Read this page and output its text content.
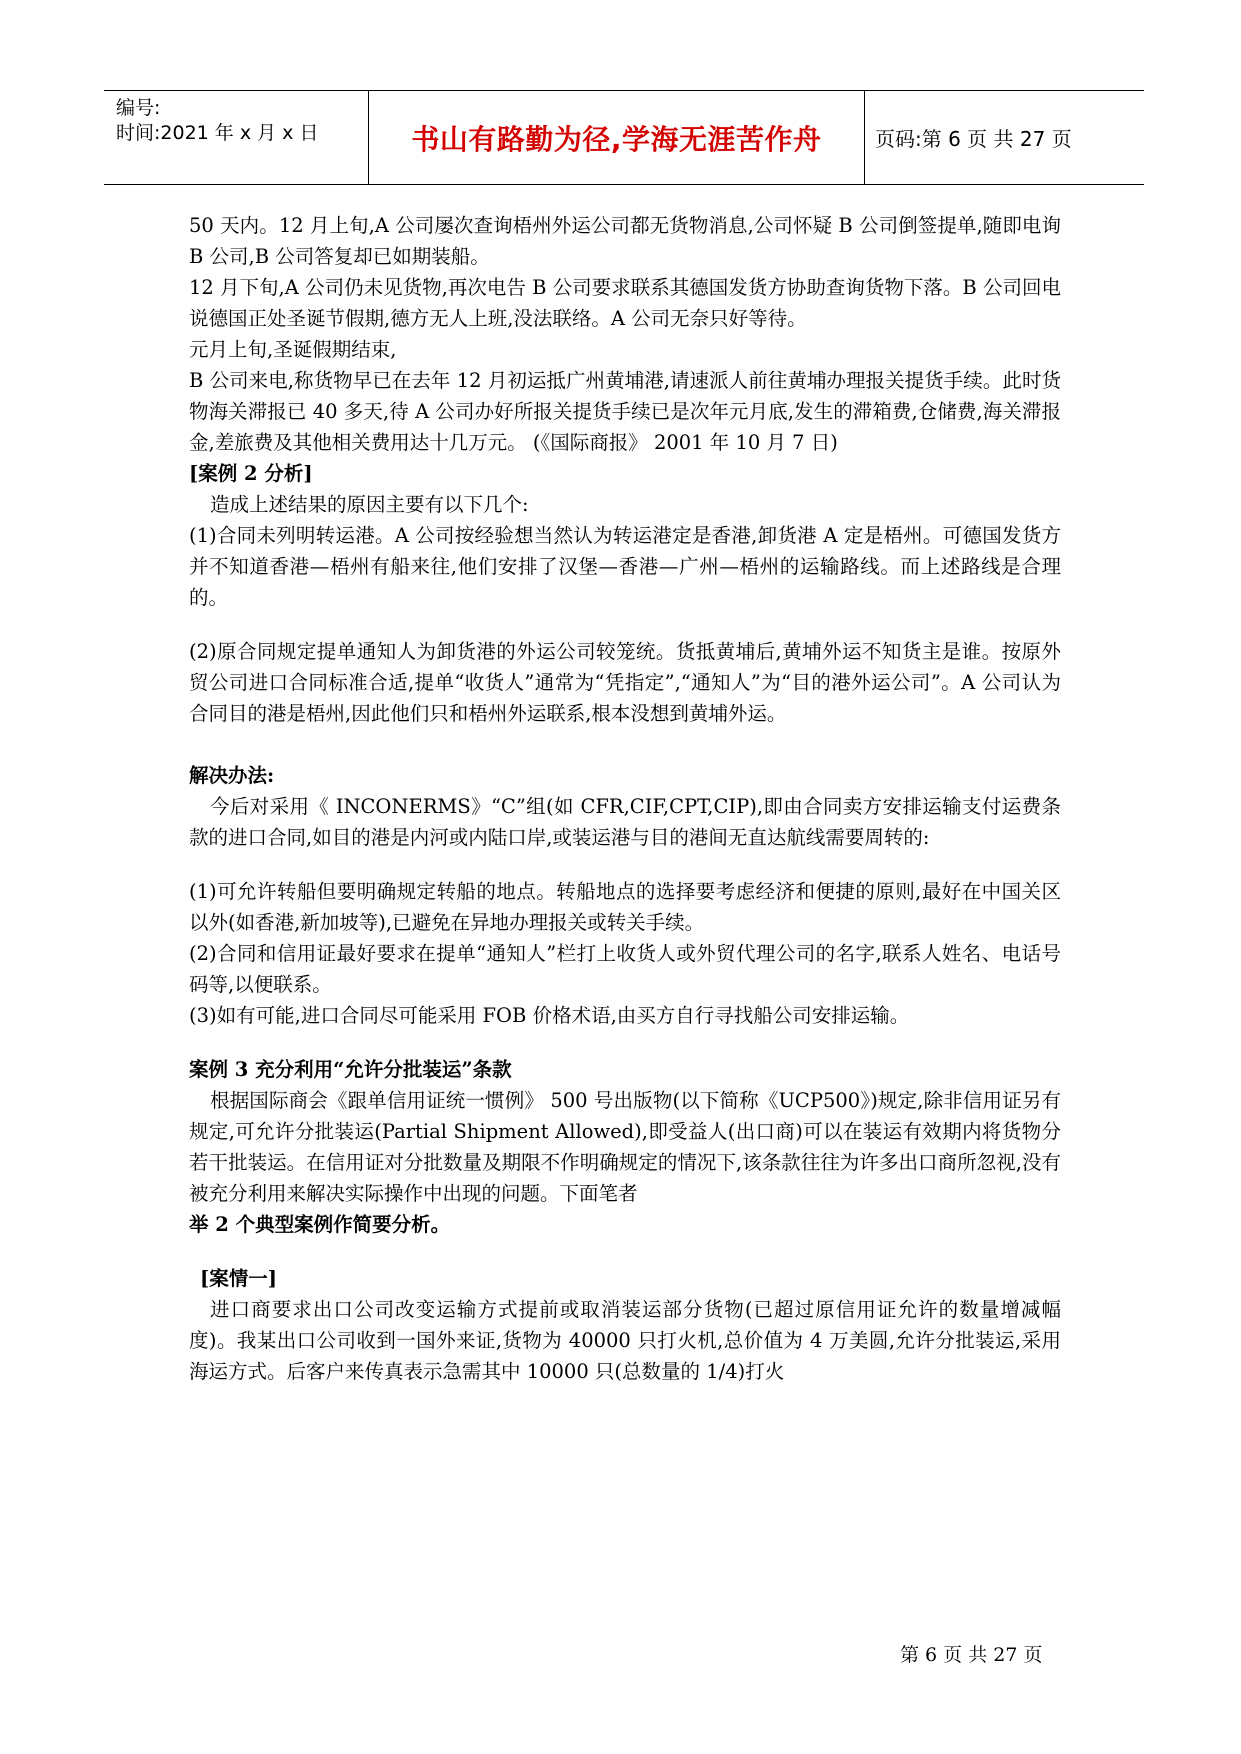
编号:
时间:2021 年 x 月 x 日	书山有路勤为径,学海无涯苦作舟	页码:第 6 页 共 27 页

50 天内。12 月上旬,A 公司屡次查询梧州外运公司都无货物消息,公司怀疑 B 公司倒签提单,随即电询 B 公司,B 公司答复却已如期装船。

12 月下旬,A 公司仍未见货物,再次电告 B 公司要求联系其德国发货方协助查询货物下落。B 公司回电说德国正处圣诞节假期,德方无人上班,没法联络。A 公司无奈只好等待。

元月上旬,圣诞假期结束,

B 公司来电,称货物早已在去年 12 月初运抵广州黄埔港,请速派人前往黄埔办理报关提货手续。此时货物海关滞报已 40 多天,待 A 公司办好所报关提货手续已是次年元月底,发生的滞箱费,仓储费,海关滞报金,差旅费及其他相关费用达十几万元。 (《国际商报》 2001 年 10 月 7 日)

[案例 2 分析]

造成上述结果的原因主要有以下几个:

(1)合同未列明转运港。A 公司按经验想当然认为转运港定是香港,卸货港 A 定是梧州。可德国发货方并不知道香港—梧州有船来往,他们安排了汉堡—香港—广州—梧州的运输路线。而上述路线是合理的。

(2)原合同规定提单通知人为卸货港的外运公司较笼统。货抵黄埔后,黄埔外运不知货主是谁。按原外贸公司进口合同标准合适,提单“收货人”通常为“凭指定”,“通知人”为“目的港外运公司”。A 公司认为合同目的港是梧州,因此他们只和梧州外运联系,根本没想到黄埔外运。

解决办法:

今后对采用《 INCONERMS》“C”组(如 CFR,CIF,CPT,CIP),即由合同卖方安排运输支付运费条款的进口合同,如目的港是内河或内陆口岸,或装运港与目的港间无直达航线需要周转的:

(1)可允许转船但要明确规定转船的地点。转船地点的选择要考虑经济和便捷的原则,最好在中国关区以外(如香港,新加坡等),已避免在异地办理报关或转关手续。

(2)合同和信用证最好要求在提单“通知人”栏打上收货人或外贸代理公司的名字,联系人姓名、电话号码等,以便联系。

(3)如有可能,进口合同尽可能采用 FOB 价格术语,由买方自行寻找船公司安排运输。

案例 3 充分利用“允许分批装运”条款

根据国际商会《跟单信用证统一惯例》 500 号出版物(以下简称《UCP500》)规定,除非信用证另有规定,可允许分批装运(Partial Shipment Allowed),即受益人(出口商)可以在装运有效期内将货物分若干批装运。在信用证对分批数量及期限不作明确规定的情况下,该条款往往为许多出口商所忽视,没有被充分利用来解决实际操作中出现的问题。下面笔者

举 2 个典型案例作简要分析。

[案情一]

进口商要求出口公司改变运输方式提前或取消装运部分货物(已超过原信用证允许的数量增减幅度)。我某出口公司收到一国外来证,货物为 40000 只打火机,总价值为 4 万美圆,允许分批装运,采用海运方式。后客户来传真表示急需其中 10000 只(总数量的 1/4)打火

第 6 页 共 27 页
